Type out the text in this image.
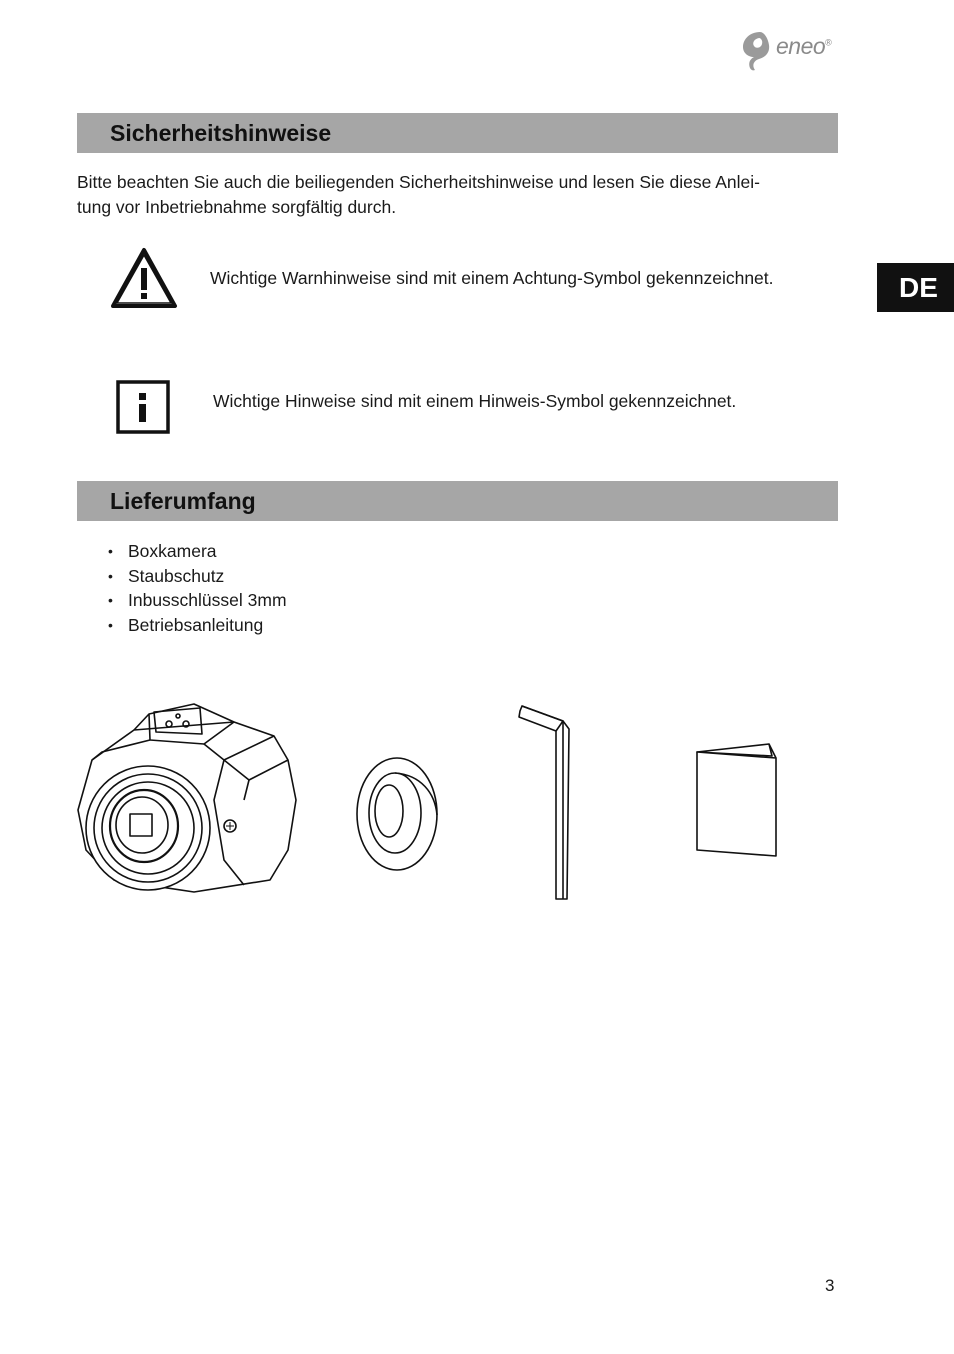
eneo®
DE
Sicherheitshinweise

Bitte beachten Sie auch die beiliegenden Sicherheitshinweise und lesen Sie diese Anlei-
tung vor Inbetriebnahme sorgfältig durch.

Wichtige Warnhinweise sind mit einem Achtung-Symbol gekennzeichnet.

Wichtige Hinweise sind mit einem Hinweis-Symbol gekennzeichnet.

Lieferumfang
• Boxkamera
• Staubschutz
• Inbusschlüssel 3mm
• Betriebsanleitung

3
